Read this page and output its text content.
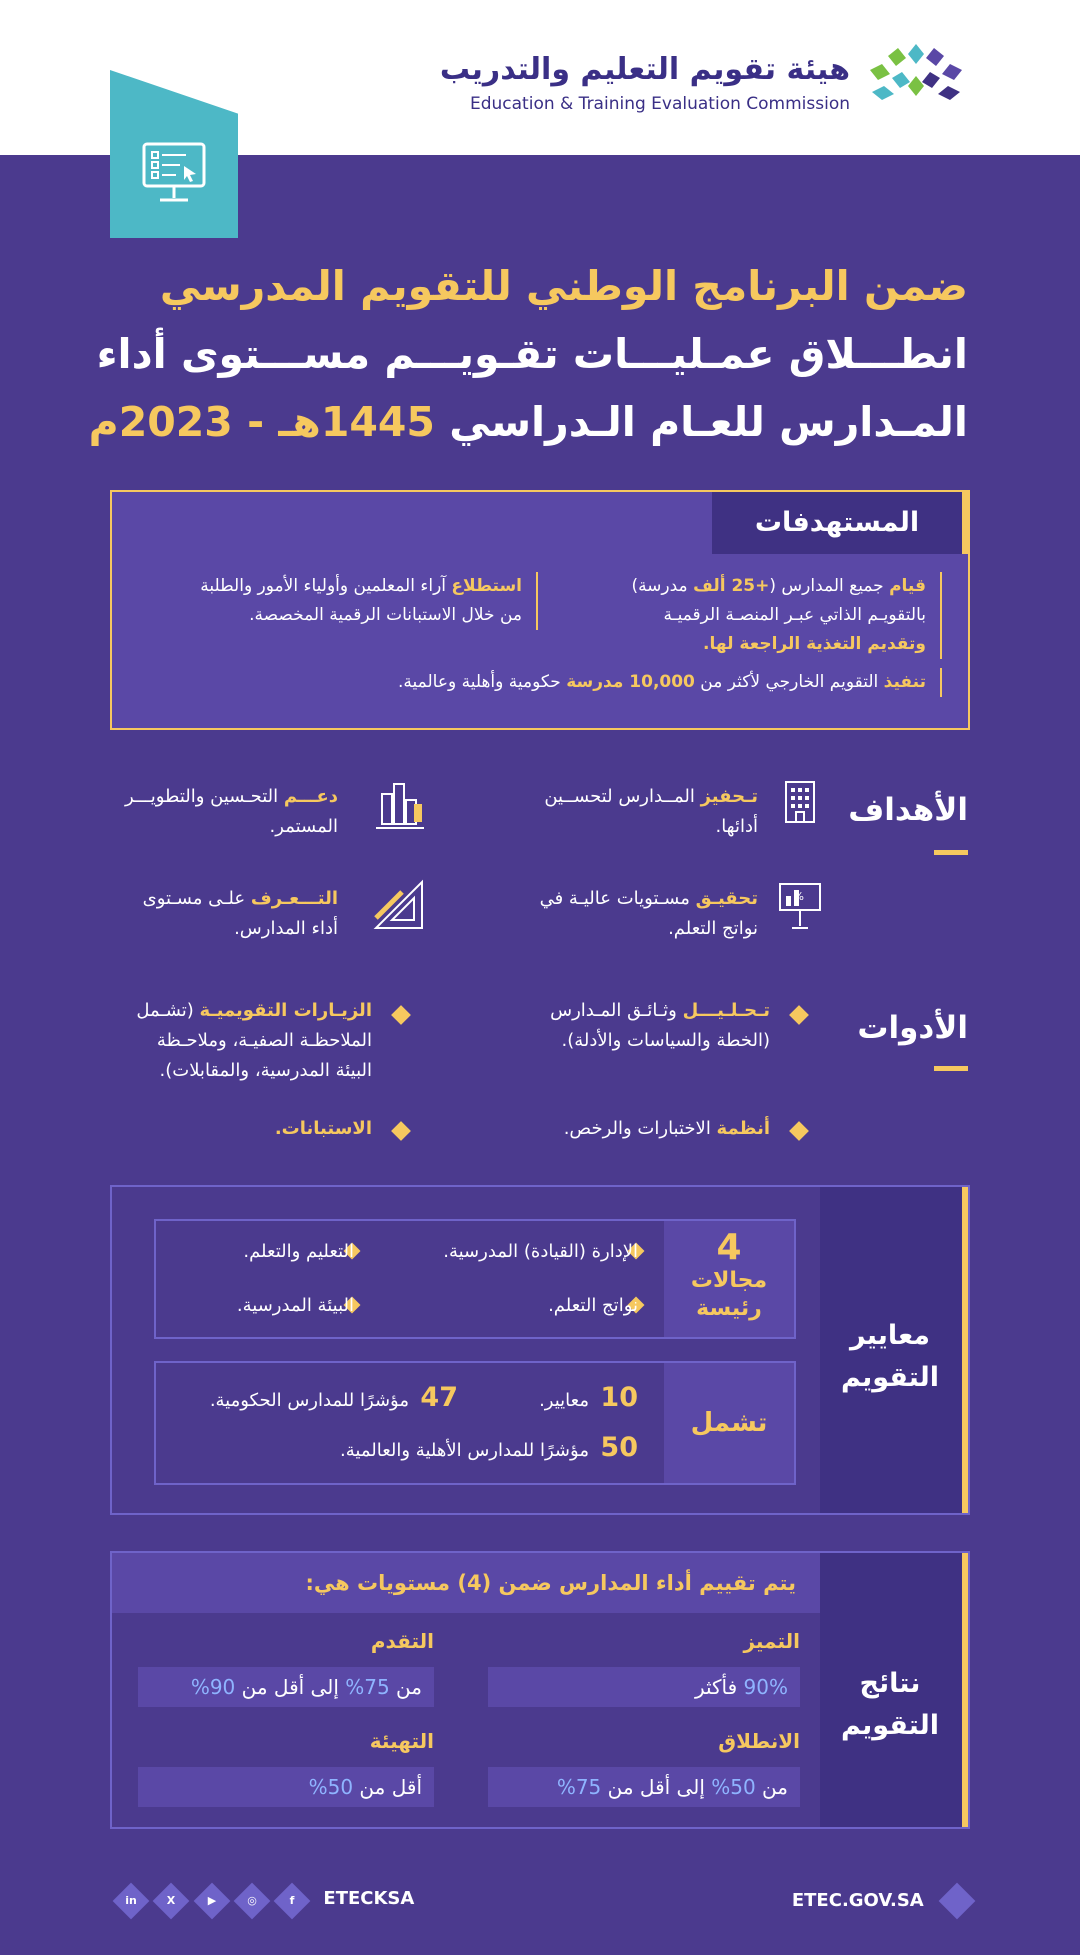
هيئة تقويم التعليم والتدريب
Education & Training Evaluation Commission
ضمن البرنامج الوطني للتقويم المدرسي
انطـــلاق عمـليـــات تقـويـــم مســـتوى أداء
المـدارس للعـام الـدراسي 1445هـ - 2023م
المستهدفات
قيام جميع المدارس (+25 ألف مدرسة)
بالتقويـم الذاتي عبـر المنصـة الرقميـة
وتقديم التغذية الراجعة لها.
استطلاع آراء المعلمين وأولياء الأمور والطلبة
من خلال الاستبانات الرقمية المخصصة.
تنفيذ التقويم الخارجي لأكثر من 10,000 مدرسة حكومية وأهلية وعالمية.
الأهداف
تـحفيز المــدارس لتحســين
أدائها.
دعـــم التحـسين والتطويـــر
المستمر.
%
تحقيـق مسـتويات عاليـة في
نواتج التعلم.
التـــعـرف علـى مسـتوى
أداء المدارس.
الأدوات
تـحـلـيـــل وثـائـق المـدارس
(الخطة والسياسات والأدلة).
الزيـارات التقويميـة (تشـمل
الملاحظـة الصفيـة، وملاحـظة
البيئة المدرسية، والمقابلات).
أنظمة الاختبارات والرخص.
الاستبانات.
معايير
التقويم
4
مجالات
رئيسة
الإدارة (القيادة) المدرسية.
التعليم والتعلم.
نواتج التعلم.
البيئة المدرسية.
تشمل
10  معايير.
47  مؤشرًا للمدارس الحكومية.
50  مؤشرًا للمدارس الأهلية والعالمية.
نتائج
التقويم
يتم تقييم أداء المدارس ضمن (4) مستويات هي:
التميز
90% فأكثر
التقدم
من 75% إلى أقل من 90%
الانطلاق
من 50% إلى أقل من 75%
التهيئة
أقل من 50%
ETEC.GOV.SA
in
	X
	▶
	◎
	f	ETECKSA
